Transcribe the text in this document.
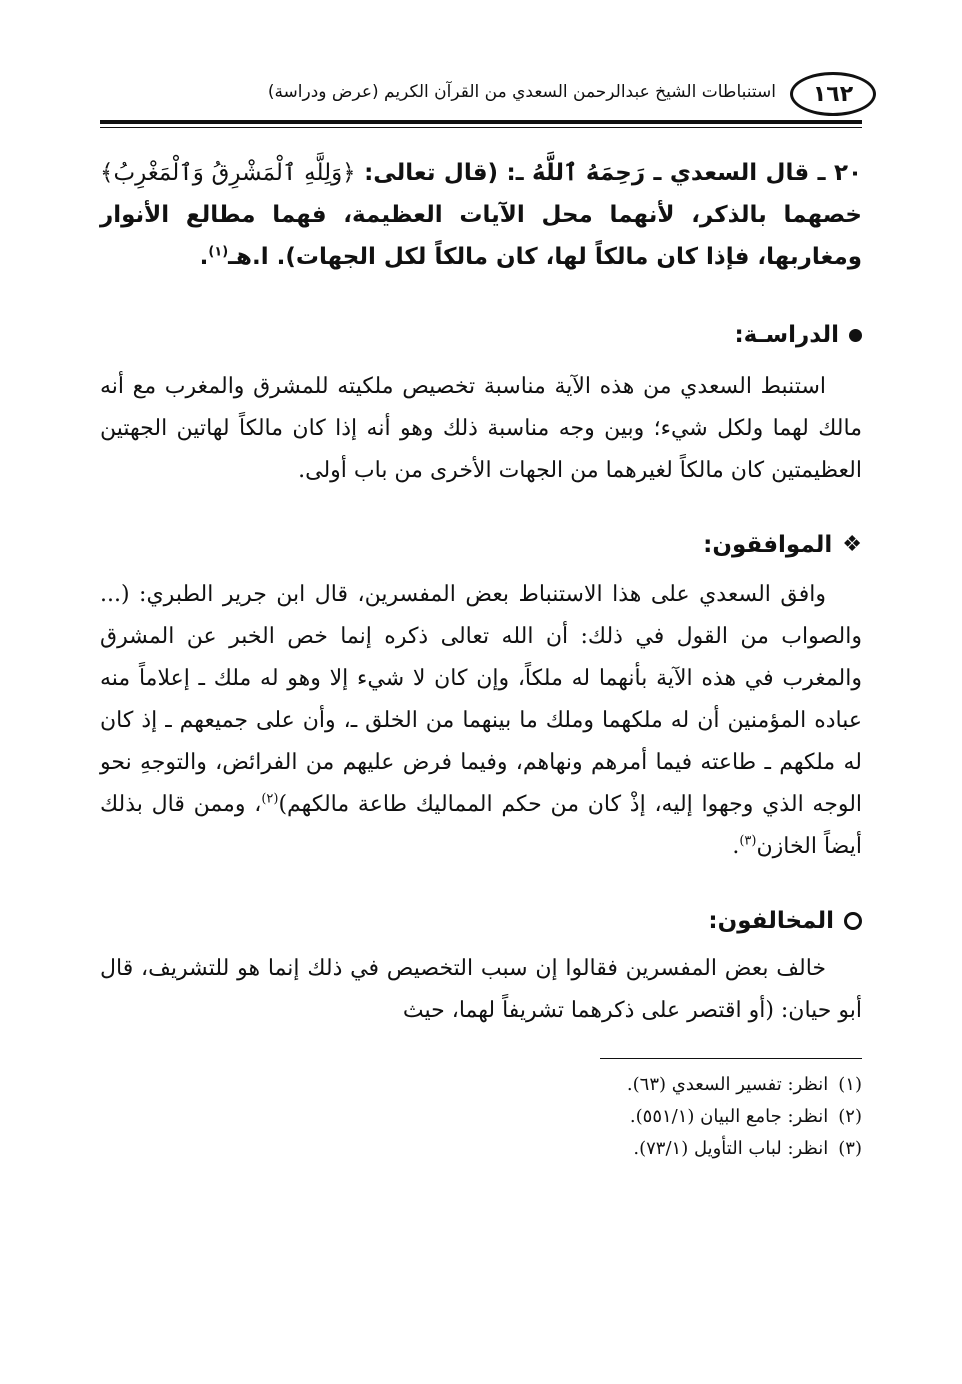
١٦٢
استنباطات الشيخ عبدالرحمن السعدي من القرآن الكريم (عرض ودراسة)

٢٠ ـ قال السعدي ـ رَحِمَهُ ٱللَّهُ ـ: (قال تعالى: ﴿وَلِلَّهِ ٱلْمَشْرِقُ وَٱلْمَغْرِبُ﴾ خصهما بالذكر، لأنهما محل الآيات العظيمة، فهما مطالع الأنوار ومغاربها، فإذا كان مالكاً لها، كان مالكاً لكل الجهات). ا.هـ$^{(١)}$.

الدراسـة:

استنبط السعدي من هذه الآية مناسبة تخصيص ملكيته للمشرق والمغرب مع أنه مالك لهما ولكل شيء؛ وبين وجه مناسبة ذلك وهو أنه إذا كان مالكاً لهاتين الجهتين العظيمتين كان مالكاً لغيرهما من الجهات الأخرى من باب أولى.

❖
الموافقون:

وافق السعدي على هذا الاستنباط بعض المفسرين، قال ابن جرير الطبري: (... والصواب من القول في ذلك: أن الله تعالى ذكره إنما خص الخبر عن المشرق والمغرب في هذه الآية بأنهما له ملكاً، وإن كان لا شيء إلا وهو له ملك ـ إعلاماً منه عباده المؤمنين أن له ملكهما وملك ما بينهما من الخلق ـ، وأن على جميعهم ـ إذ كان له ملكهم ـ طاعته فيما أمرهم ونهاهم، وفيما فرض عليهم من الفرائض، والتوجهِ نحو الوجه الذي وجهوا إليه، إذْ كان من حكم المماليك طاعة مالكهم)$^{(٢)}$، وممن قال بذلك أيضاً الخازن$^{(٣)}$.

المخالفون:

خالف بعض المفسرين فقالوا إن سبب التخصيص في ذلك إنما هو للتشريف، قال أبو حيان: (أو اقتصر على ذكرهما تشريفاً لهما، حيث

(١)
انظر: تفسير السعدي (٦٣).
(٢)
انظر: جامع البيان (٥٥١/١).
(٣)
انظر: لباب التأويل (٧٣/١).
